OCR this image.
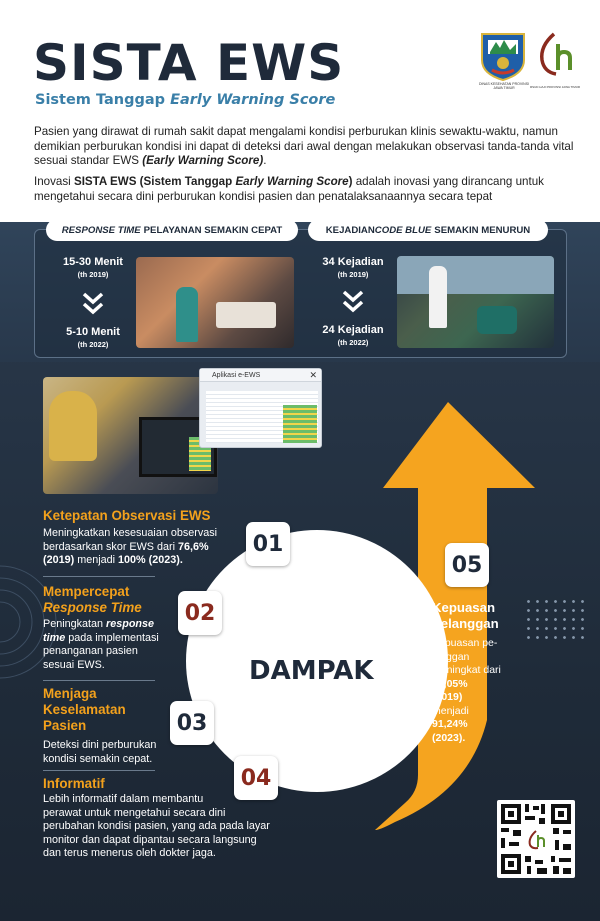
SISTA EWS
Sistem Tanggap Early Warning Score
DINAS KESEHATAN PROVINSI JAWA TIMUR	RSUD HAJI PROVINSI JAWA TIMUR
Pasien yang dirawat di rumah sakit dapat mengalami kondisi perburukan klinis sewaktu-waktu, namun demikian perburukan kondisi ini dapat di deteksi dari awal dengan melakukan observasi tanda-tanda vital sesuai standar EWS (Early Warning Score).
Inovasi SISTA EWS (Sistem Tanggap Early Warning Score) adalah inovasi yang dirancang untuk mengetahui secara dini perburukan kondisi pasien dan penatalaksanaannya secara tepat
RESPONSE TIME PELAYANAN SEMAKIN CEPAT	KEJADIAN CODE BLUE SEMAKIN MENURUN
15-30 Menit
(th 2019)
5-10 Menit
(th 2022)
34 Kejadian
(th 2019)
24 Kejadian
(th 2022)
Aplikasi e-EWS	✕
DAMPAK
01
02
03
04
05
Ketepatan Observasi EWS
Meningkatkan kesesuaian observasi
berdasarkan skor EWS dari 76,6%
(2019) menjadi 100% (2023).
Mempercepat
Response Time
Peningkatan response
time pada implementasi
penanganan pasien
sesuai EWS.
Menjaga
Keselamatan
Pasien
Deteksi dini perburukan
kondisi semakin cepat.
Informatif
Lebih informatif dalam membantu
perawat untuk mengetahui secara dini
perubahan kondisi pasien, yang ada pada layar
monitor dan dapat dipantau secara langsung
dan terus menerus oleh dokter jaga.
Kepuasan
Pelanggan
Kepuasan pe-
langgan
meningkat dari
81,05%
(2019)
menjadi
91,24%
(2023).
